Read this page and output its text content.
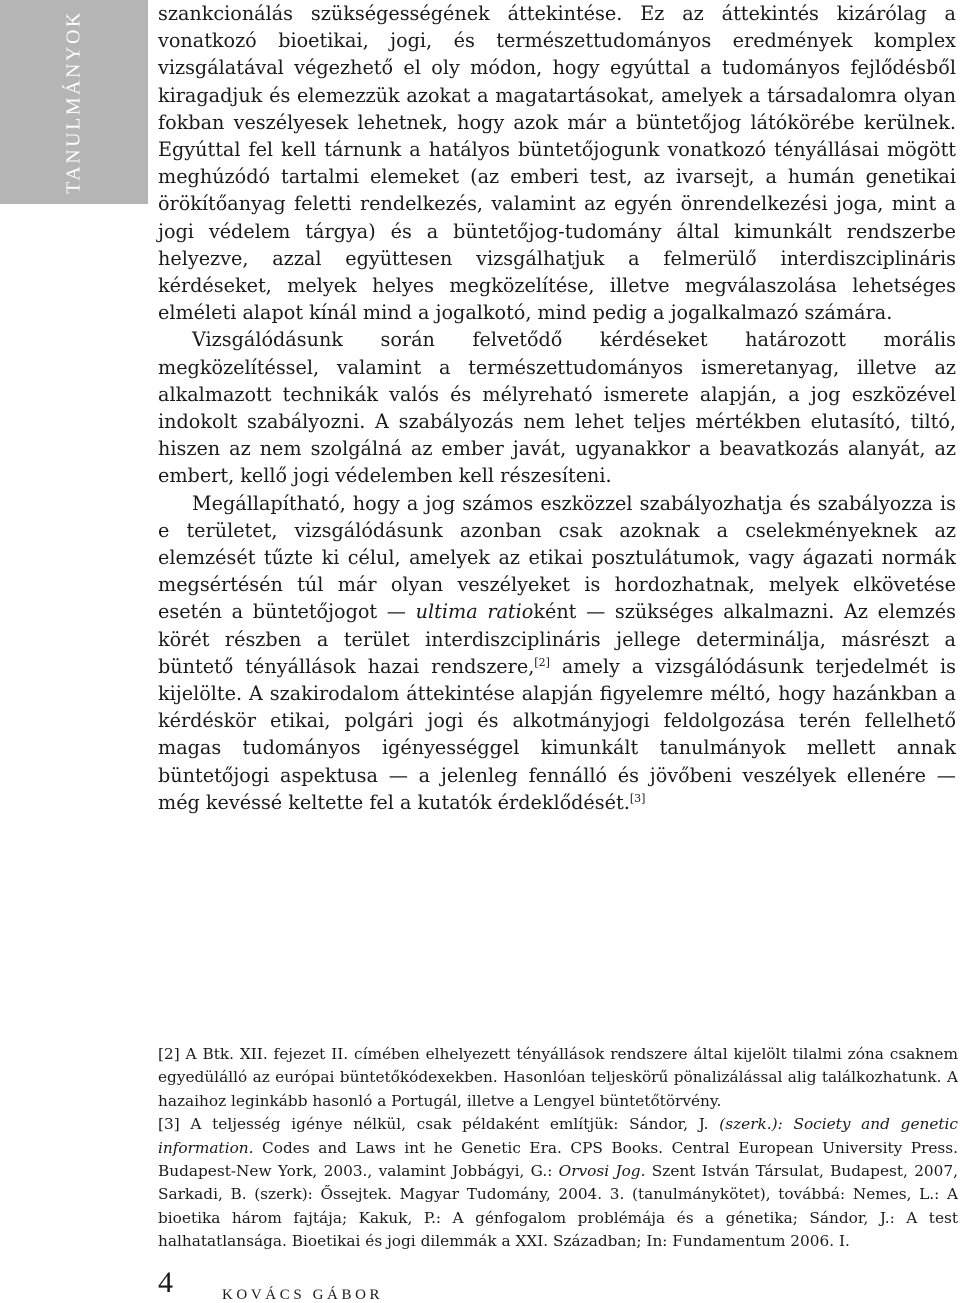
TANULMÁNYOK	szankcionálás szükségességének áttekintése. Ez az áttekintés kizárólag a vonatkozó bioetikai, jogi, és természettudományos eredmények komplex vizsgálatával végezhető el oly módon, hogy egyúttal a tudományos fejlődésből kiragadjuk és elemezzük azokat a magatartásokat, amelyek a társadalomra olyan fokban veszélyesek lehetnek, hogy azok már a büntetőjog látókörébe kerülnek. Egyúttal fel kell tárnunk a hatályos büntetőjogunk vonatkozó tényállásai mögött meghúzódó tartalmi elemeket (az emberi test, az ivarsejt, a humán genetikai örökítőanyag feletti rendelkezés, valamint az egyén önrendelkezési joga, mint a jogi védelem tárgya) és a büntetőjog-tudomány által kimunkált rendszerbe helyezve, azzal együttesen vizsgálhatjuk a felmerülő interdiszciplináris kérdéseket, melyek helyes megközelítése, illetve megválaszolása lehetséges elméleti alapot kínál mind a jogalkotó, mind pedig a jogalkalmazó számára.

Vizsgálódásunk során felvetődő kérdéseket határozott morális megközelítéssel, valamint a természettudományos ismeretanyag, illetve az alkalmazott technikák valós és mélyreható ismerete alapján, a jog eszközével indokolt szabályozni. A szabályozás nem lehet teljes mértékben elutasító, tiltó, hiszen az nem szolgálná az ember javát, ugyanakkor a beavatkozás alanyát, az embert, kellő jogi védelemben kell részesíteni.

Megállapítható, hogy a jog számos eszközzel szabályozhatja és szabályozza is e területet, vizsgálódásunk azonban csak azoknak a cselekményeknek az elemzését tűzte ki célul, amelyek az etikai posztulátumok, vagy ágazati normák megsértésén túl már olyan veszélyeket is hordozhatnak, melyek elkövetése esetén a büntetőjogot — ultima ratioként — szükséges alkalmazni. Az elemzés körét részben a terület interdiszciplináris jellege determinálja, másrészt a büntető tényállások hazai rendszere,[2] amely a vizsgálódásunk terjedelmét is kijelölte. A szakirodalom áttekintése alapján figyelemre méltó, hogy hazánkban a kérdéskör etikai, polgári jogi és alkotmányjogi feldolgozása terén fellelhető magas tudományos igényességgel kimunkált tanulmányok mellett annak büntetőjogi aspektusa — a jelenleg fennálló és jövőbeni veszélyek ellenére — még kevéssé keltette fel a kutatók érdeklődését.[3]

[2] A Btk. XII. fejezet II. címében elhelyezett tényállások rendszere által kijelölt tilalmi zóna csaknem egyedülálló az európai büntetőkódexekben. Hasonlóan teljeskörű pönalizálással alig találkozhatunk. A hazaihoz leginkább hasonló a Portugál, illetve a Lengyel büntetőtörvény.

[3] A teljesség igénye nélkül, csak példaként említjük: Sándor, J. (szerk.): Society and genetic information. Codes and Laws int he Genetic Era. CPS Books. Central European University Press. Budapest-New York, 2003., valamint Jobbágyi, G.: Orvosi Jog. Szent István Társulat, Budapest, 2007, Sarkadi, B. (szerk): Őssejtek. Magyar Tudomány, 2004. 3. (tanulmánykötet), továbbá: Nemes, L.: A bioetika három fajtája; Kakuk, P.: A génfogalom problémája és a génetika; Sándor, J.: A test halhatatlansága. Bioetikai és jogi dilemmák a XXI. Században; In: Fundamentum 2006. I.

4	KOVÁCS GÁBOR
